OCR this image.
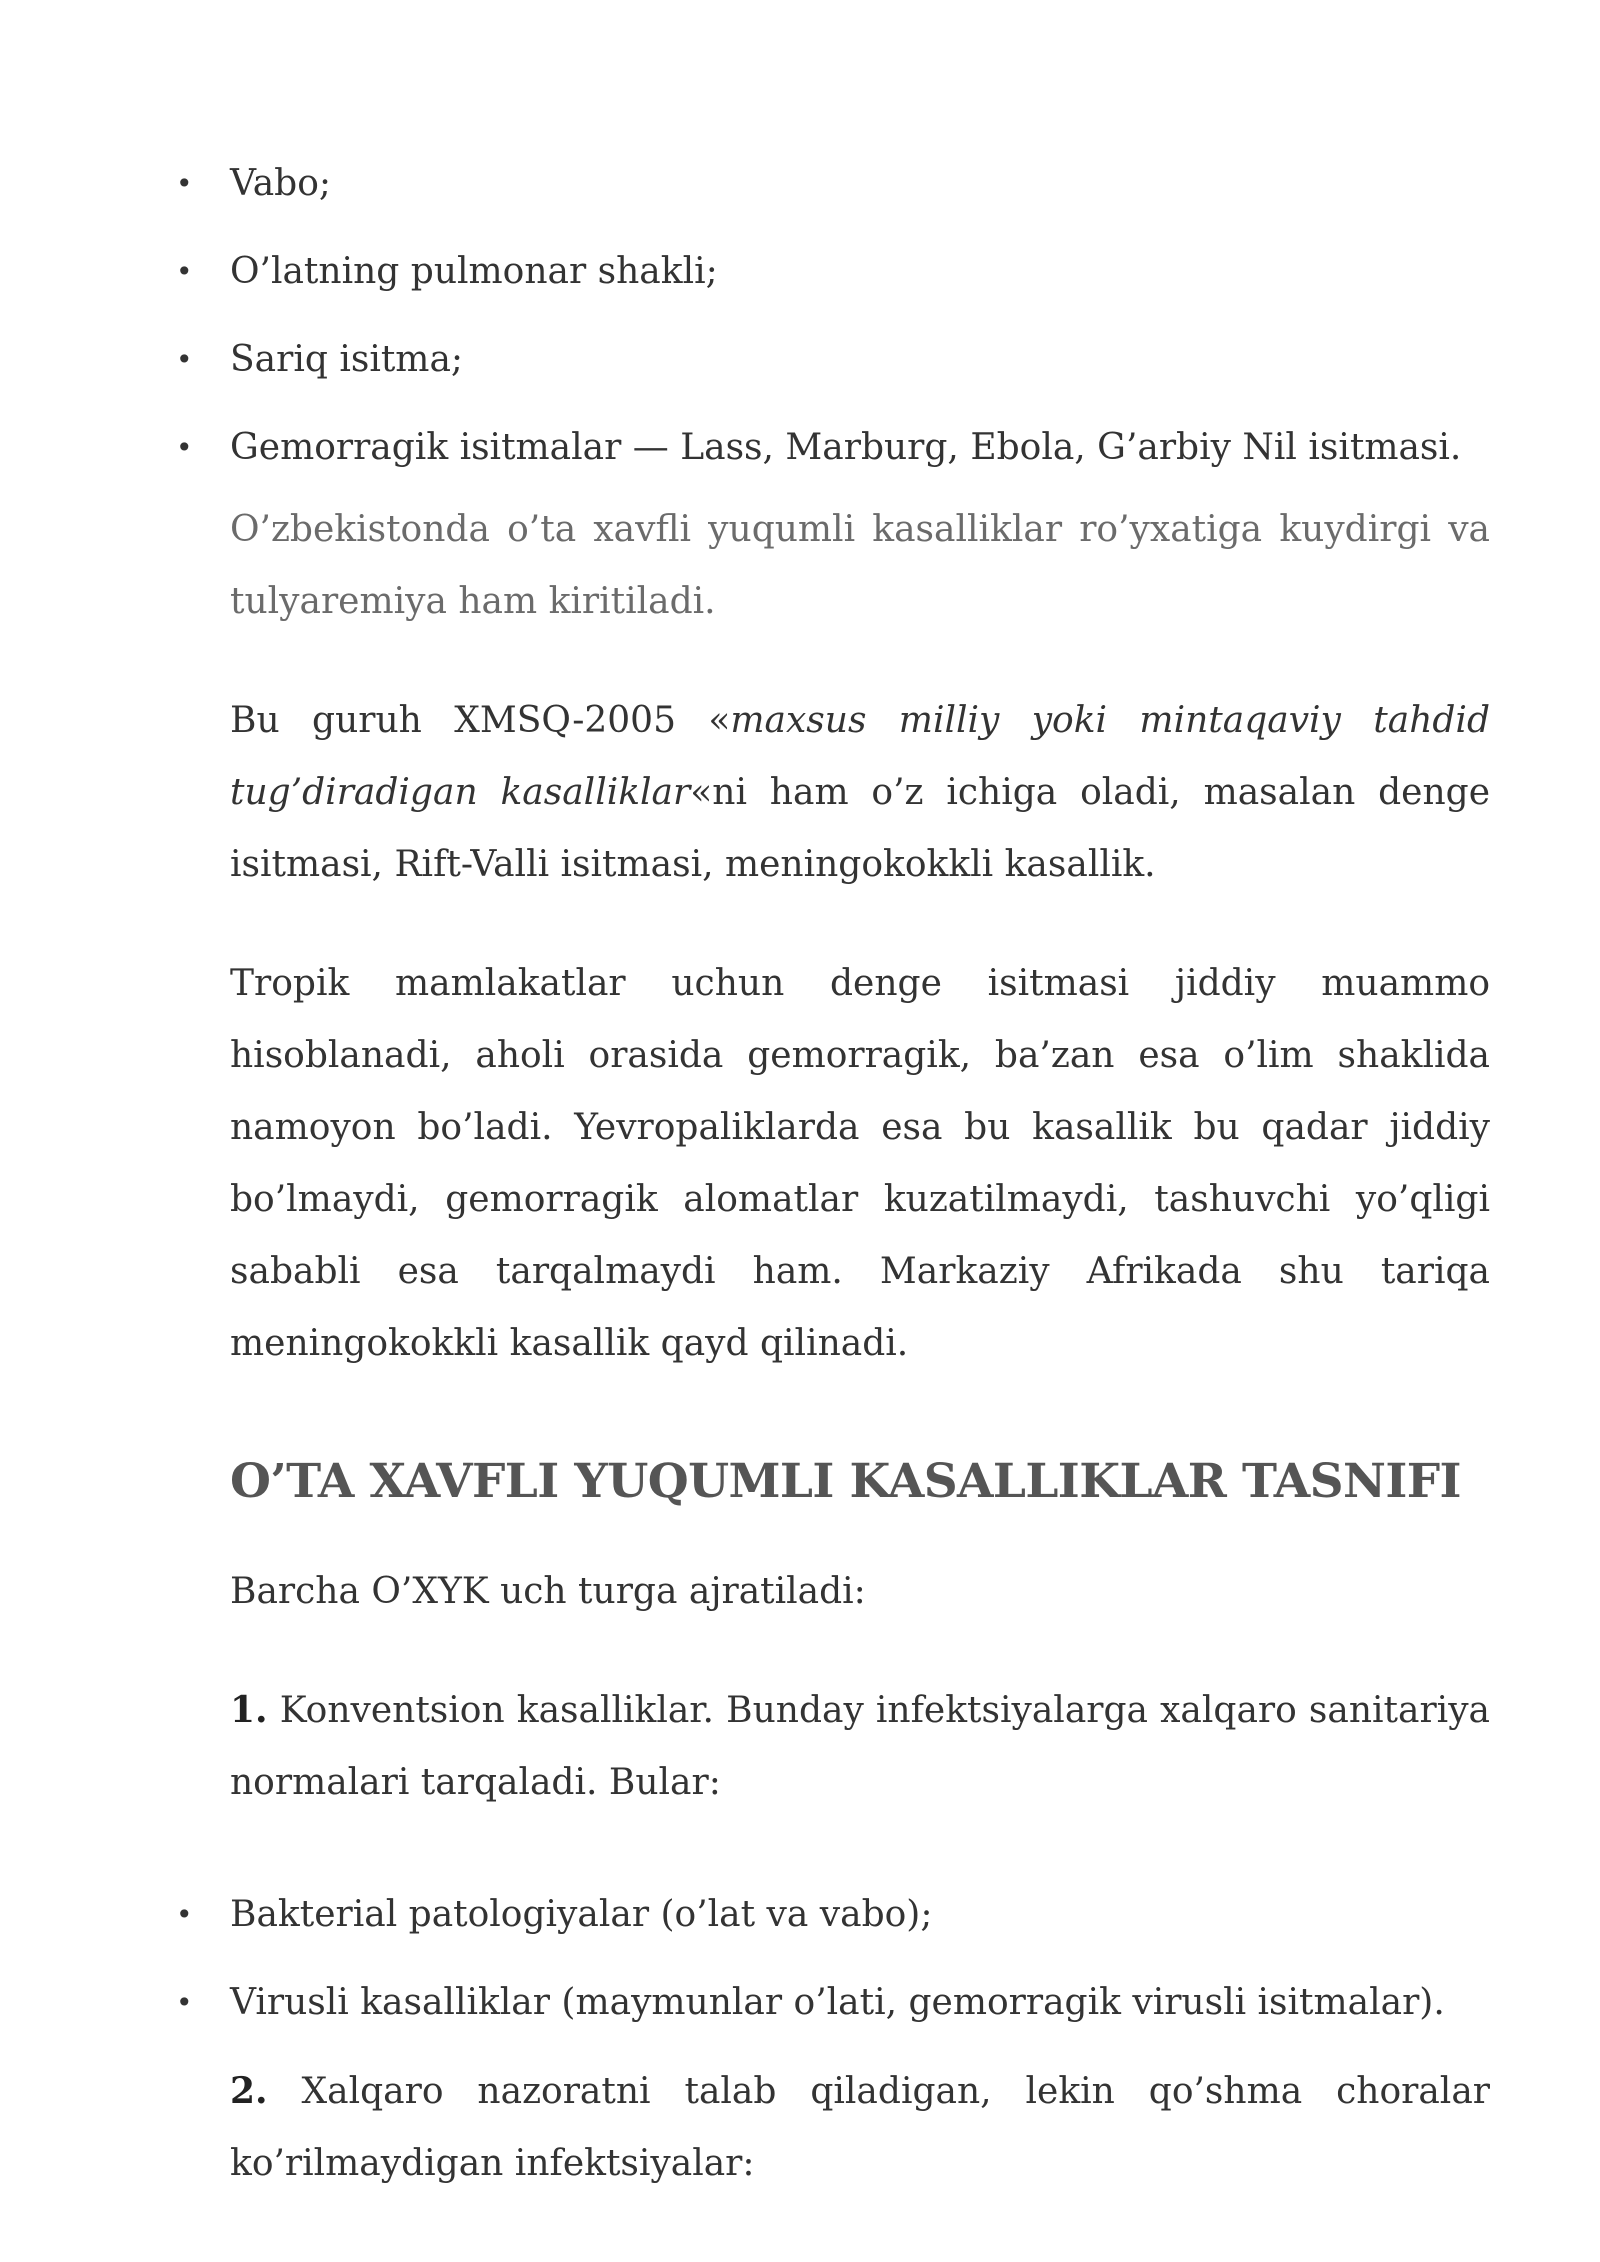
• Vabo;
• O’latning pulmonar shakli;
• Sariq isitma;
• Gemorragik isitmalar — Lass, Marburg, Ebola, G’arbiy Nil isitmasi.

O’zbekistonda o’ta xavfli yuqumli kasalliklar ro’yxatiga kuydirgi va tulyaremiya ham kiritiladi.

Bu guruh XMSQ-2005 «maxsus milliy yoki mintaqaviy tahdid tug’diradigan kasalliklar«ni ham o’z ichiga oladi, masalan denge isitmasi, Rift-Valli isitmasi, meningokokkli kasallik.

Tropik mamlakatlar uchun denge isitmasi jiddiy muammo hisoblanadi, aholi orasida gemorragik, ba’zan esa o’lim shaklida namoyon bo’ladi. Yevropaliklarda esa bu kasallik bu qadar jiddiy bo’lmaydi, gemorragik alomatlar kuzatilmaydi, tashuvchi yo’qligi sababli esa tarqalmaydi ham. Markaziy Afrikada shu tariqa meningokokkli kasallik qayd qilinadi.

O’TA XAVFLI YUQUMLI KASALLIKLAR TASNIFI

Barcha O’XYK uch turga ajratiladi:

1. Konventsion kasalliklar. Bunday infektsiyalarga xalqaro sanitariya normalari tarqaladi. Bular:

• Bakterial patologiyalar (o’lat va vabo);
• Virusli kasalliklar (maymunlar o’lati, gemorragik virusli isitmalar).

2. Xalqaro nazoratni talab qiladigan, lekin qo’shma choralar ko’rilmaydigan infektsiyalar:
